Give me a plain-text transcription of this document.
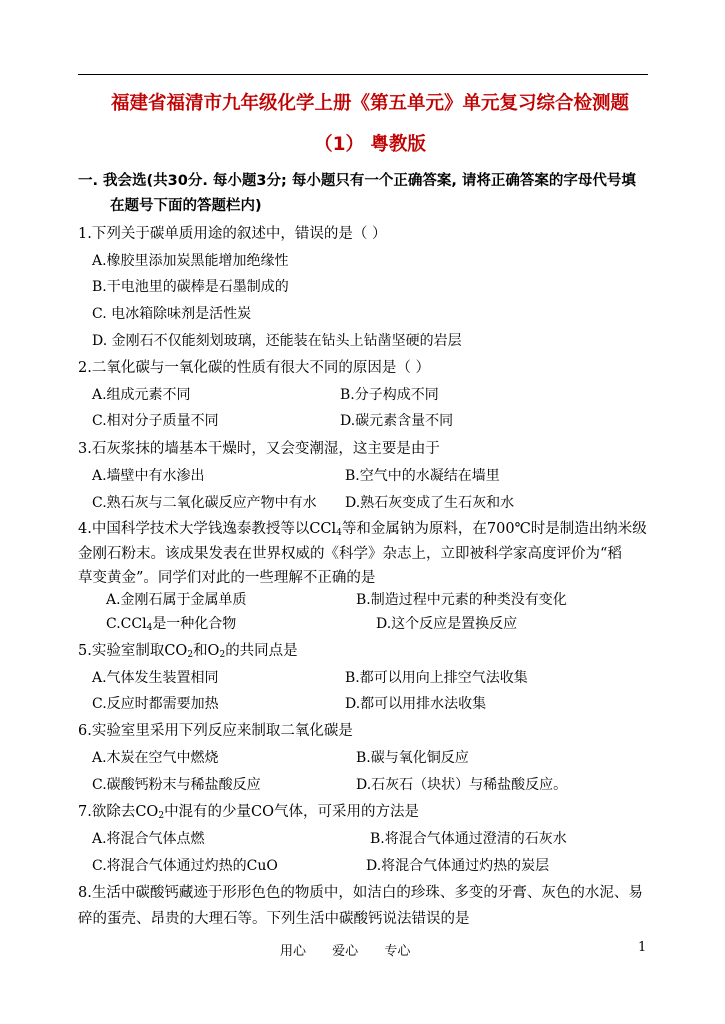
福建省福清市九年级化学上册《第五单元》单元复习综合检测题
（1） 粤教版
一. 我会选(共30分. 每小题3分; 每小题只有一个正确答案, 请将正确答案的字母代号填
在题号下面的答题栏内)
1.下列关于碳单质用途的叙述中，错误的是（ ）
A.橡胶里添加炭黑能增加绝缘性
B.干电池里的碳棒是石墨制成的
C. 电冰箱除味剂是活性炭
D. 金刚石不仅能刻划玻璃，还能装在钻头上钻凿坚硬的岩层
2.二氧化碳与一氧化碳的性质有很大不同的原因是（ ）
A.组成元素不同	B.分子构成不同
C.相对分子质量不同	D.碳元素含量不同
3.石灰浆抹的墙基本干燥时，又会变潮湿，这主要是由于
A.墙壁中有水渗出	B.空气中的水凝结在墙里
C.熟石灰与二氧化碳反应产物中有水 D.熟石灰变成了生石灰和水
4.中国科学技术大学钱逸泰教授等以CCl$_4$等和金属钠为原料，在700℃时是制造出纳米级
金刚石粉末。该成果发表在世界权威的《科学》杂志上，立即被科学家高度评价为“稻
草变黄金”。同学们对此的一些理解不正确的是
A.金刚石属于金属单质	B.制造过程中元素的种类没有变化
C.CCl$_4$是一种化合物	D.这个反应是置换反应
5.实验室制取$CO_2$和$O_2$的共同点是
A.气体发生装置相同	B.都可以用向上排空气法收集
C.反应时都需要加热	D.都可以用排水法收集
6.实验室里采用下列反应来制取二氧化碳是
A.木炭在空气中燃烧	B.碳与氧化铜反应
C.碳酸钙粉末与稀盐酸反应	D.石灰石（块状）与稀盐酸反应。
7.欲除去$CO_2$中混有的少量CO气体，可采用的方法是
A.将混合气体点燃	B.将混合气体通过澄清的石灰水
C.将混合气体通过灼热的CuO	D.将混合气体通过灼热的炭层
8.生活中碳酸钙藏迹于形形色色的物质中，如洁白的珍珠、多变的牙膏、灰色的水泥、易
碎的蛋壳、昂贵的大理石等。下列生活中碳酸钙说法错误的是
用心 爱心 专心	1
